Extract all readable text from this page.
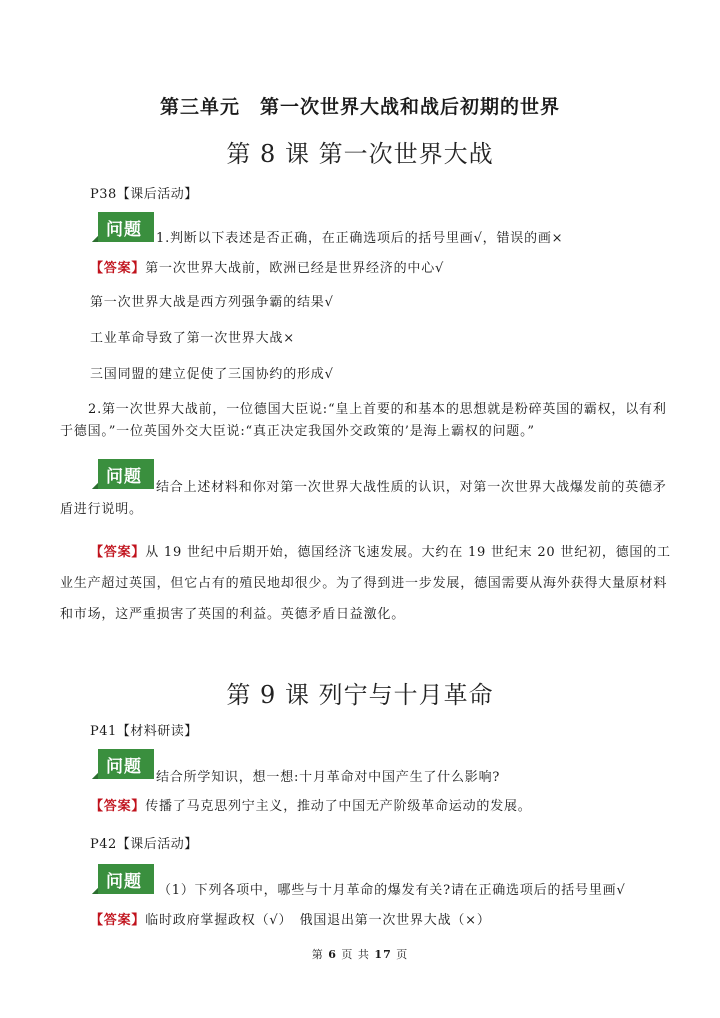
第三单元　第一次世界大战和战后初期的世界
第 8 课 第一次世界大战
P38【课后活动】
问题	1.判断以下表述是否正确，在正确选项后的括号里画√，错误的画×
【答案】第一次世界大战前，欧洲已经是世界经济的中心√
第一次世界大战是西方列强争霸的结果√
工业革命导致了第一次世界大战×
三国同盟的建立促使了三国协约的形成√
2.第一次世界大战前，一位德国大臣说:“皇上首要的和基本的思想就是粉碎英国的霸权，以有利于德国。”一位英国外交大臣说:“真正决定我国外交政策的’是海上霸权的问题。”
问题
结合上述材料和你对第一次世界大战性质的认识，对第一次世界大战爆发前的英德矛盾进行说明。
【答案】从 19 世纪中后期开始，德国经济飞速发展。大约在 19 世纪末 20 世纪初，德国的工业生产超过英国，但它占有的殖民地却很少。为了得到进一步发展，德国需要从海外获得大量原材料和市场，这严重损害了英国的利益。英德矛盾日益激化。
第 9 课 列宁与十月革命
P41【材料研读】
问题
结合所学知识，想一想:十月革命对中国产生了什么影响?
【答案】传播了马克思列宁主义，推动了中国无产阶级革命运动的发展。
P42【课后活动】
问题	（1）下列各项中，哪些与十月革命的爆发有关?请在正确选项后的括号里画√
【答案】临时政府掌握政权（√）　俄国退出第一次世界大战（×）
第 6 页 共 17 页
